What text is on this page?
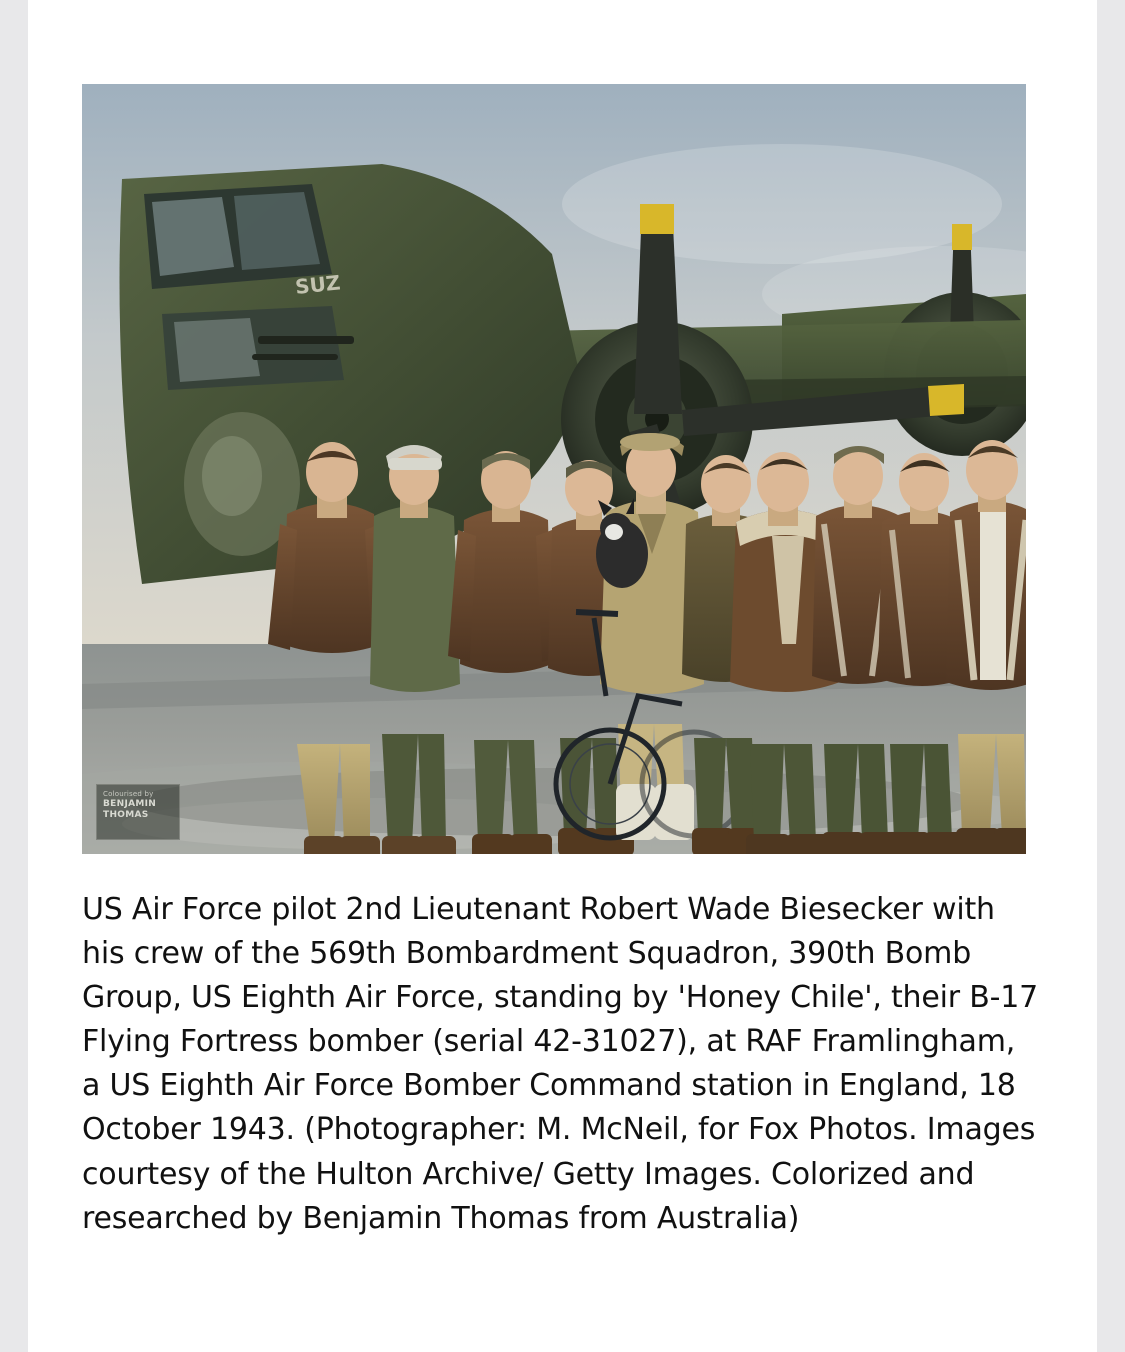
SUZ
Colourised by
BENJAMIN
THOMAS
US Air Force pilot 2nd Lieutenant Robert Wade Biesecker with his crew of the 569th Bombardment Squadron, 390th Bomb Group, US Eighth Air Force, standing by 'Honey Chile', their B-17 Flying Fortress bomber (serial 42-31027), at RAF Framlingham, a US Eighth Air Force Bomber Command station in England, 18 October 1943. (Photographer: M. McNeil, for Fox Photos. Images courtesy of the Hulton Archive/ Getty Images. Colorized and researched by Benjamin Thomas from Australia)
